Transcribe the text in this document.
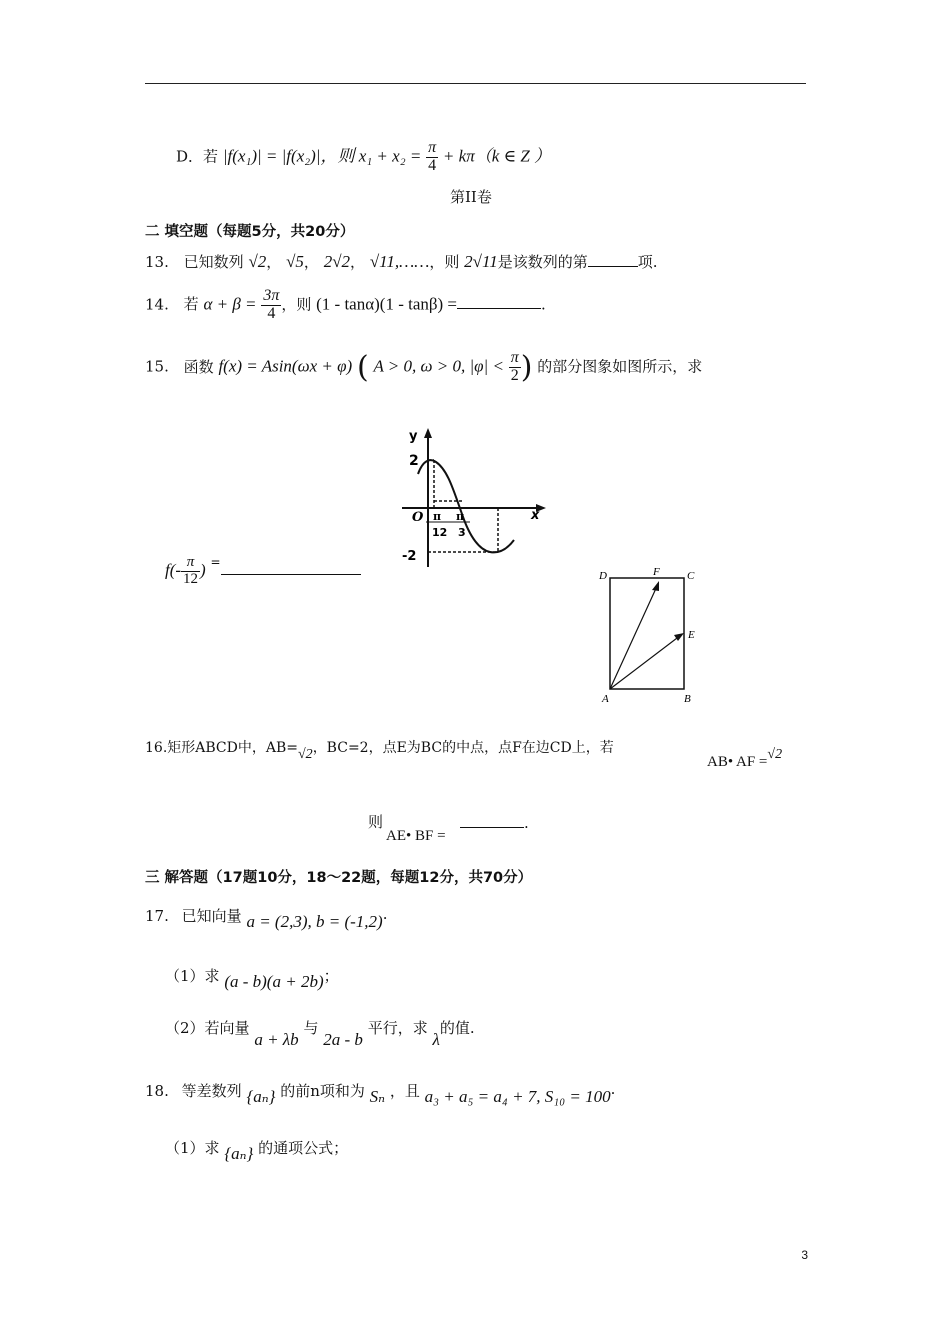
D．若 |f(x₁)| = |f(x₂)|，则 $x_1 + x_2 = \frac{\pi}{4} + k\pi(k$ ∈ Z ）
第II卷
二 填空题（每题5分，共20分）
13. 已知数列 √2， √5， 2√2， √11,……，则 2√11是该数列的第	项.
14. 若 $\alpha + \beta = \frac{3\pi}{4}$ ，则 (1 - tanα)(1 - tanβ) =	.
15. 函数 f(x) = Asin(ωx + φ) ( A > 0, ω > 0, $|\varphi| < \frac{\pi}{2}$ ) 的部分图象如图所示，求
$f(- \frac{\pi}{12}$ ) =
y
x
2
-2
O π
12
π
3
D	F C
E
A	B
16.矩形ABCD中，AB=√2，BC=2，点E为BC的中点，点F在边CD上，若
AB• AF =√2
则
AE• BF =
.
三 解答题（17题10分，18～22题，每题12分，共70分）
17. 已知向量 a = (2,3), b = (-1,2)·
（1）求 (a - b)(a + 2b)；
（2）若向量 a + λb 与 2a - b 平行，求 λ的值.
18. 等差数列 {aₙ} 的前n项和为 Sₙ ，且 a₃ + a₅ = a₄ + 7, S₁₀ = 100·
（1）求 {aₙ} 的通项公式；
3
